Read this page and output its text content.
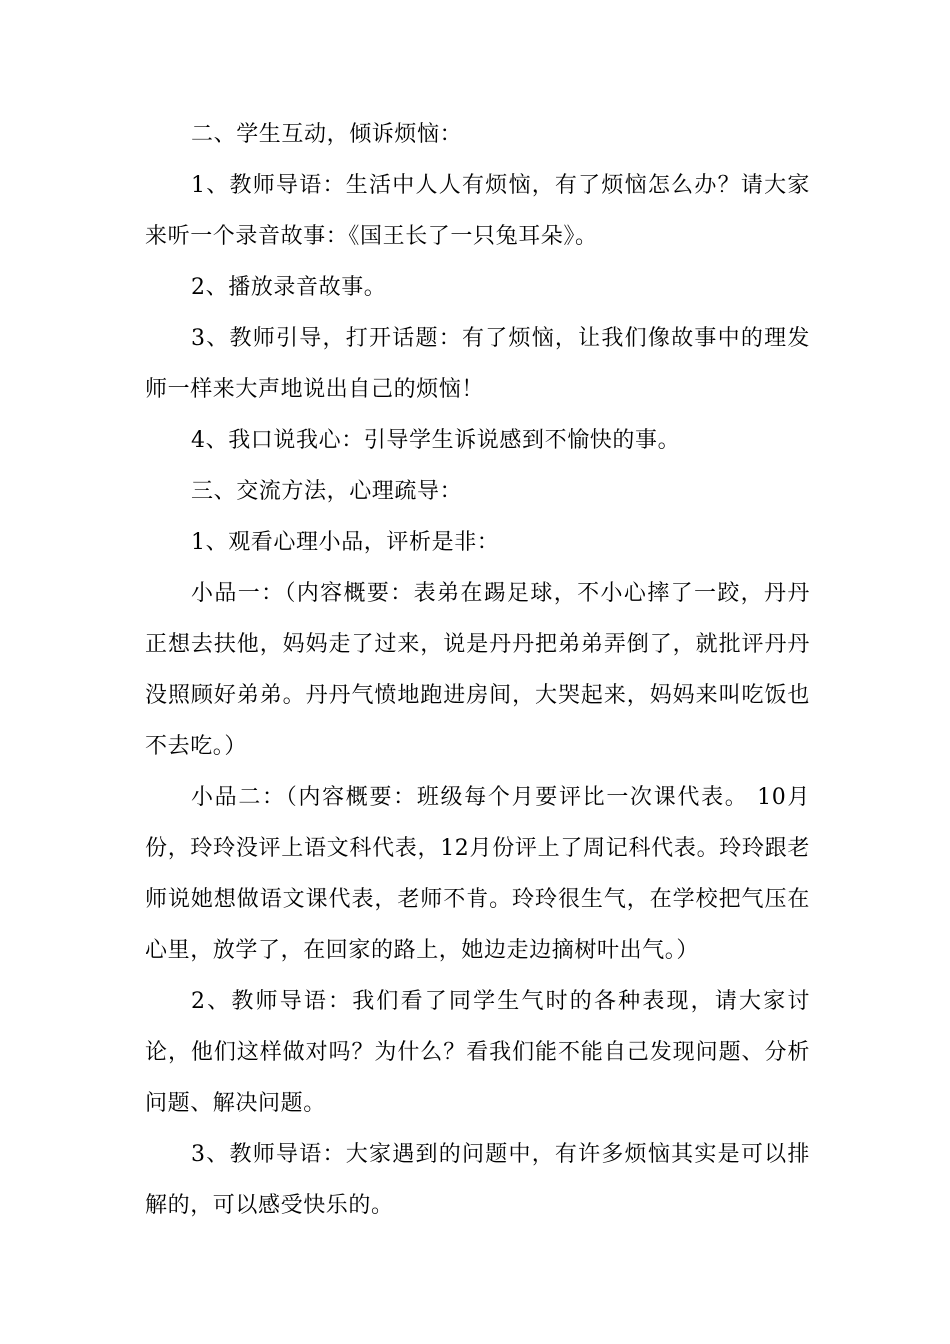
二、学生互动，倾诉烦恼：

1、教师导语：生活中人人有烦恼，有了烦恼怎么办？请大家来听一个录音故事：《国王长了一只兔耳朵》。

2、播放录音故事。

3、教师引导，打开话题：有了烦恼，让我们像故事中的理发师一样来大声地说出自己的烦恼！

4、我口说我心：引导学生诉说感到不愉快的事。

三、交流方法，心理疏导：

1、观看心理小品，评析是非：

小品一：（内容概要：表弟在踢足球，不小心摔了一跤，丹丹正想去扶他，妈妈走了过来，说是丹丹把弟弟弄倒了，就批评丹丹没照顾好弟弟。丹丹气愤地跑进房间，大哭起来，妈妈来叫吃饭也不去吃。）

小品二：（内容概要：班级每个月要评比一次课代表。 10月份，玲玲没评上语文科代表，12月份评上了周记科代表。玲玲跟老师说她想做语文课代表，老师不肯。玲玲很生气，在学校把气压在心里，放学了，在回家的路上，她边走边摘树叶出气。）

2、教师导语：我们看了同学生气时的各种表现，请大家讨论，他们这样做对吗？为什么？看我们能不能自己发现问题、分析问题、解决问题。

3、教师导语：大家遇到的问题中，有许多烦恼其实是可以排解的，可以感受快乐的。
